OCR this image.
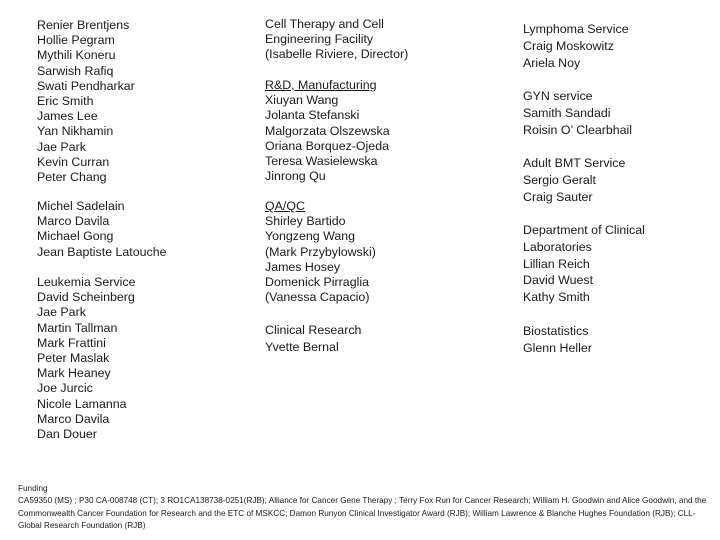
Renier Brentjens
Hollie Pegram
Mythili Koneru
Sarwish Rafiq
Swati Pendharkar
Eric Smith
James Lee
Yan Nikhamin
Jae Park
Kevin Curran
Peter Chang
Michel Sadelain
Marco Davila
Michael Gong
Jean Baptiste Latouche
Leukemia Service
David Scheinberg
Jae Park
Martin Tallman
Mark Frattini
Peter Maslak
Mark Heaney
Joe Jurcic
Nicole Lamanna
Marco Davila
Dan Douer
Cell Therapy and Cell
Engineering Facility
(Isabelle Riviere, Director)
R&D, Manufacturing
Xiuyan Wang
Jolanta Stefanski
Malgorzata Olszewska
Oriana Borquez-Ojeda
Teresa Wasielewska
Jinrong Qu
QA/QC
Shirley Bartido
Yongzeng Wang
(Mark Przybylowski)
James Hosey
Domenick Pirraglia
(Vanessa Capacio)
Clinical Research
Yvette Bernal
Lymphoma Service
Craig Moskowitz
Ariela Noy
GYN service
Samith Sandadi
Roisin O’ Clearbhail
Adult BMT Service
Sergio Geralt
Craig Sauter
Department of Clinical
Laboratories
Lillian Reich
David Wuest
Kathy Smith
Biostatistics
Glenn Heller
Funding
CA59350 (MS) ; P30 CA-008748 (CT); 3 RO1CA138738-0251(RJB); Alliance for Cancer Gene Therapy ; Terry Fox Run for Cancer Research; William H. Goodwin and Alice Goodwin, and the Commonwealth Cancer Foundation for Research and the ETC of MSKCC; Damon Runyon Clinical Investigator Award (RJB); William Lawrence & Blanche Hughes Foundation (RJB); CLL-Global Research Foundation (RJB)
